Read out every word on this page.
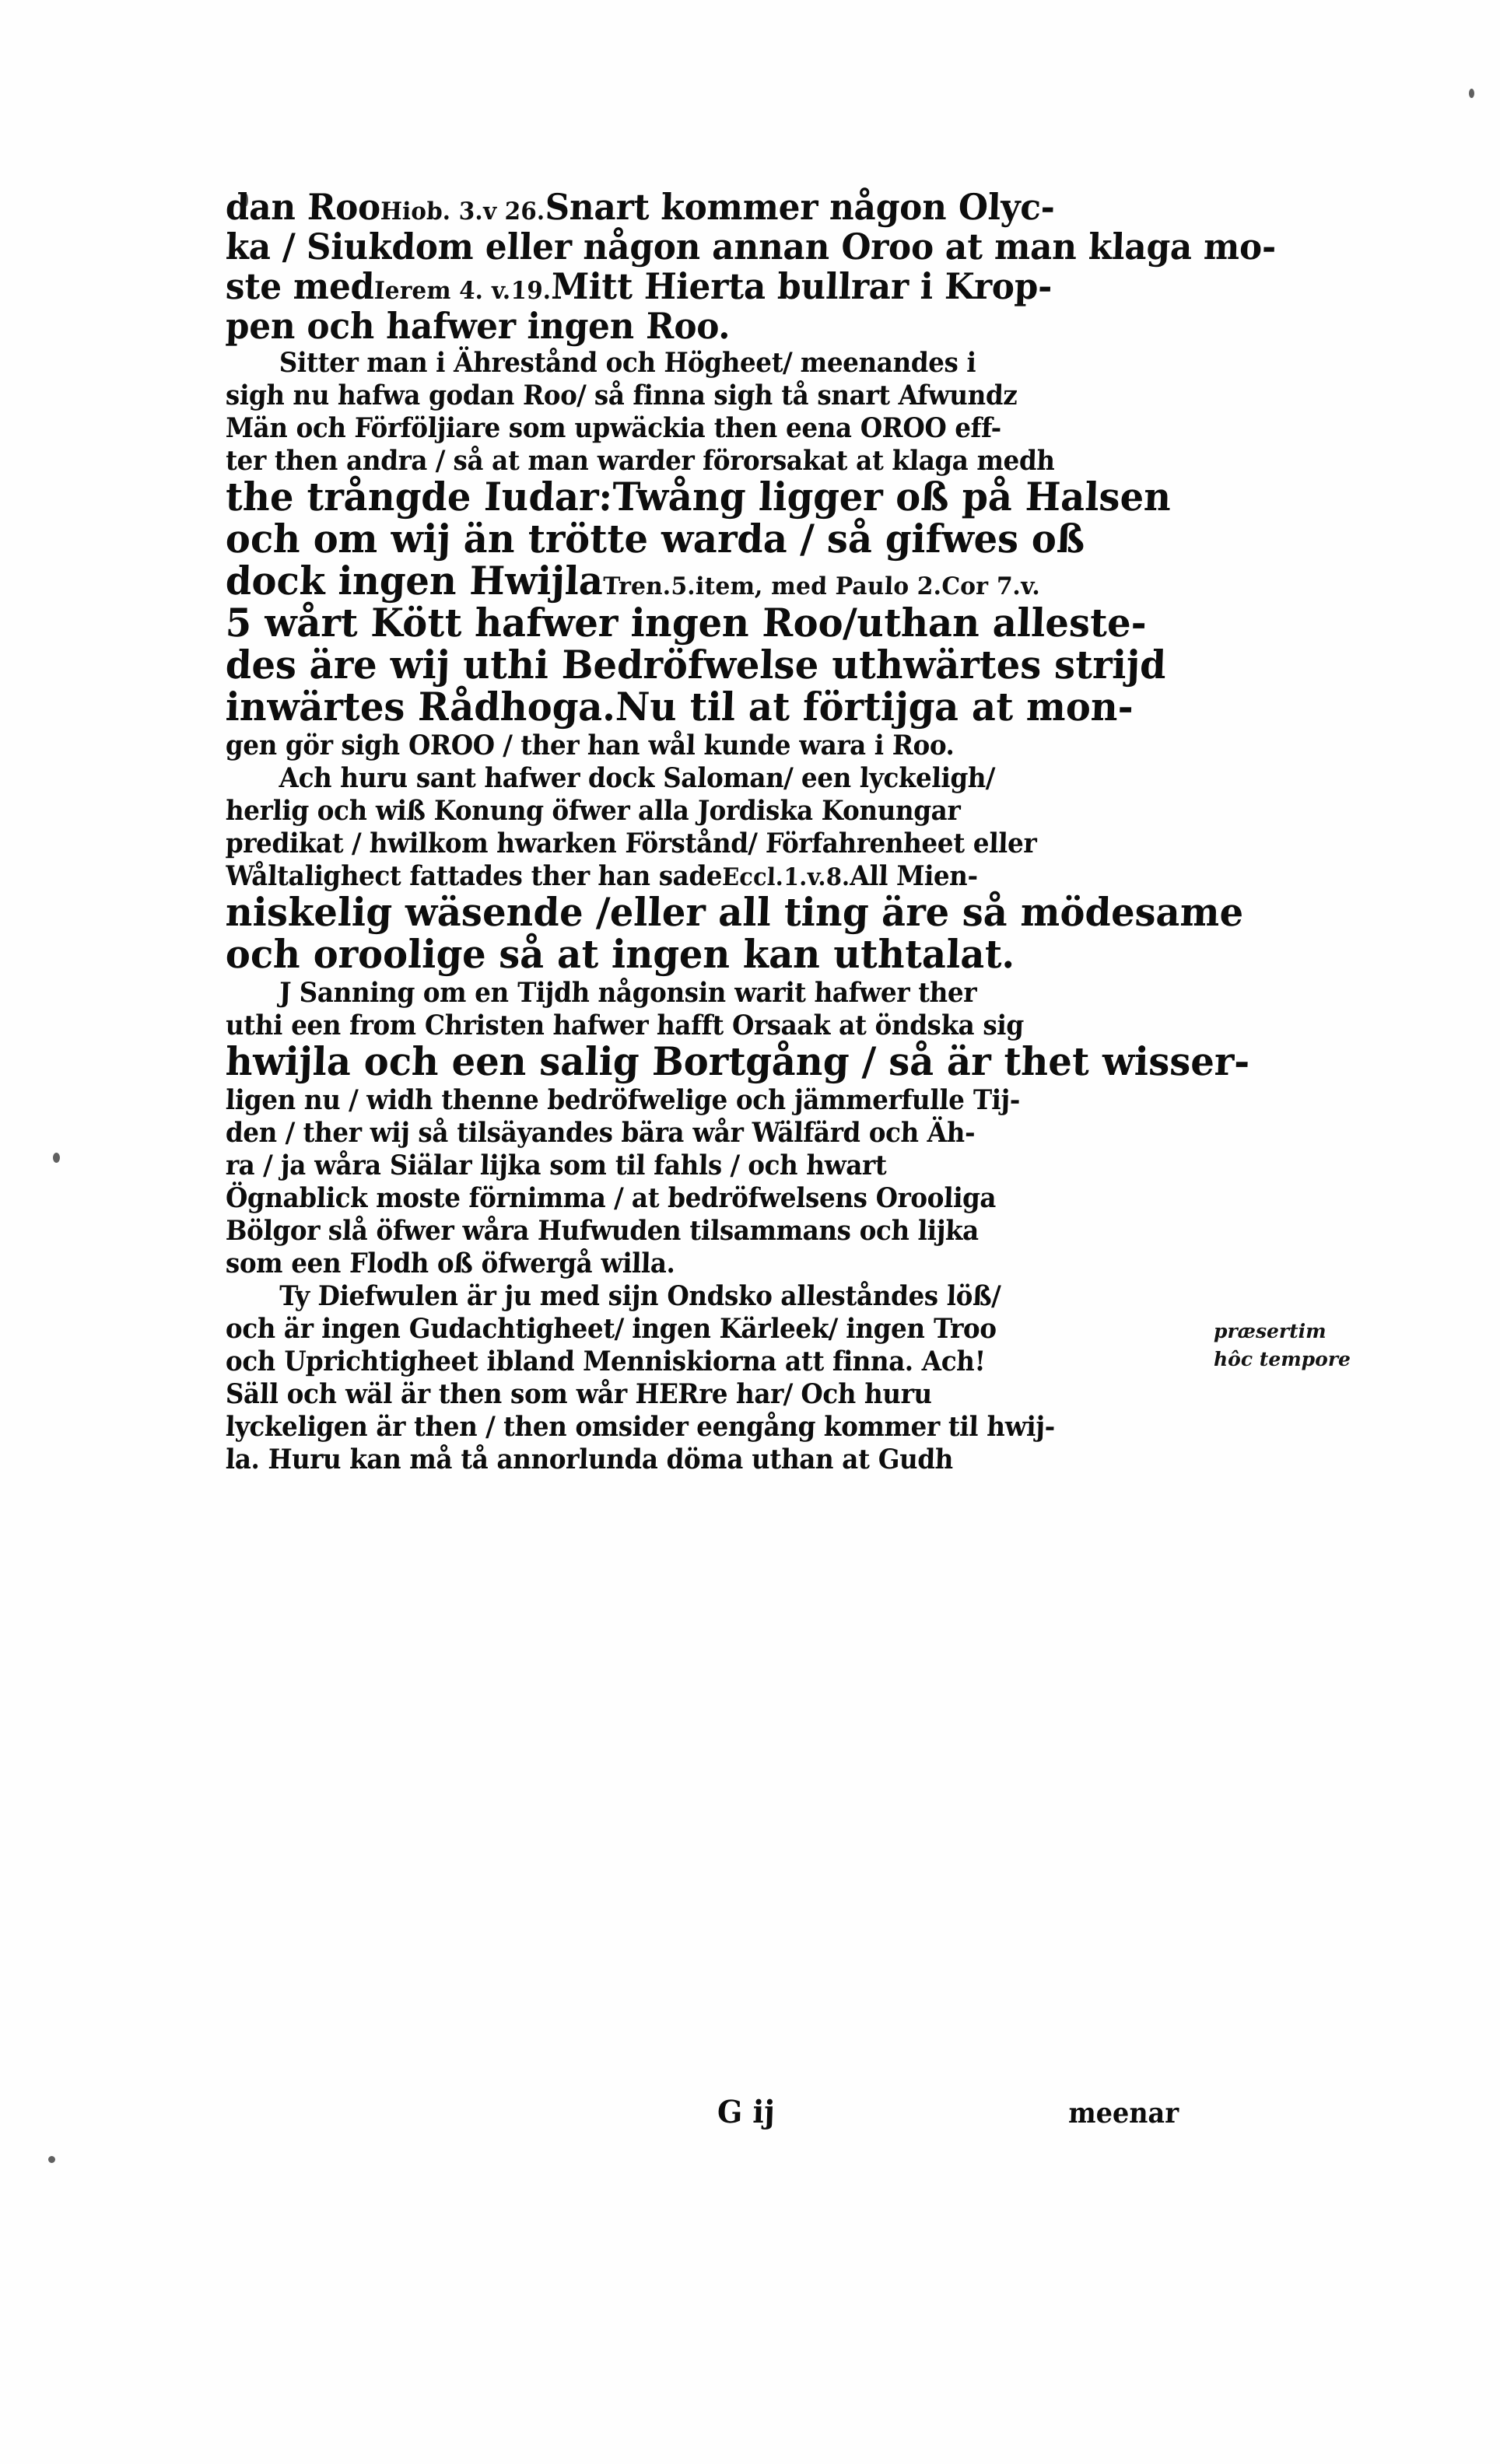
dan RooHiob. 3.v 26.Snart kommer någon Olyc-
ka / Siukdom eller någon annan Oroo at man klaga mo-
ste medIerem 4. v.19.Mitt Hierta bullrar i Krop-
pen och hafwer ingen Roo.
Sitter man i Ährestånd och Högheet/ meenandes i
sigh nu hafwa godan Roo/ så finna sigh tå snart Afwundz
Män och Förföljiare som upwäckia then eena OROO eff-
ter then andra / så at man warder förorsakat at klaga medh
the trångde Iudar:Twång ligger oß på Halsen
och om wij än trötte warda / så gifwes oß
dock ingen HwijlaTren.5.item, med Paulo 2.Cor 7.v.
5 wårt Kött hafwer ingen Roo/uthan alleste-
des äre wij uthi Bedröfwelse uthwärtes strijd
inwärtes Rådhoga.Nu til at förtijga at mon-
gen gör sigh OROO / ther han wål kunde wara i Roo.
Ach huru sant hafwer dock Saloman/ een lyckeligh/
herlig och wiß Konung öfwer alla Jordiska Konungar
predikat / hwilkom hwarken Förstånd/ Förfahrenheet eller
Wåltalighect fattades ther han sadeEccl.1.v.8.All Mien-
niskelig wäsende /eller all ting äre så mödesame
och oroolige så at ingen kan uthtalat.
J Sanning om en Tijdh någonsin warit hafwer ther
uthi een from Christen hafwer hafft Orsaak at öndska sig
hwijla och een salig Bortgång / så är thet wisser-
ligen nu / widh thenne bedröfwelige och jämmerfulle Tij-
den / ther wij så tilsäyandes bära wår Wälfärd och Äh-
ra / ja wåra Siälar lijka som til fahls / och hwart
Ögnablick moste förnimma / at bedröfwelsens Orooliga
Bölgor slå öfwer wåra Hufwuden tilsammans och lijka
som een Flodh oß öfwergå willa.
Ty Diefwulen är ju med sijn Ondsko alleståndes löß/
och är ingen Gudachtigheet/ ingen Kärleek/ ingen Troo
och Uprichtigheet ibland Menniskiorna att finna. Ach!
Säll och wäl är then som wår HERre har/ Och huru
lyckeligen är then / then omsider eengång kommer til hwij-
la. Huru kan må tå annorlunda döma uthan at Gudh
præsertim
hôc tempore
G ij	meenar
